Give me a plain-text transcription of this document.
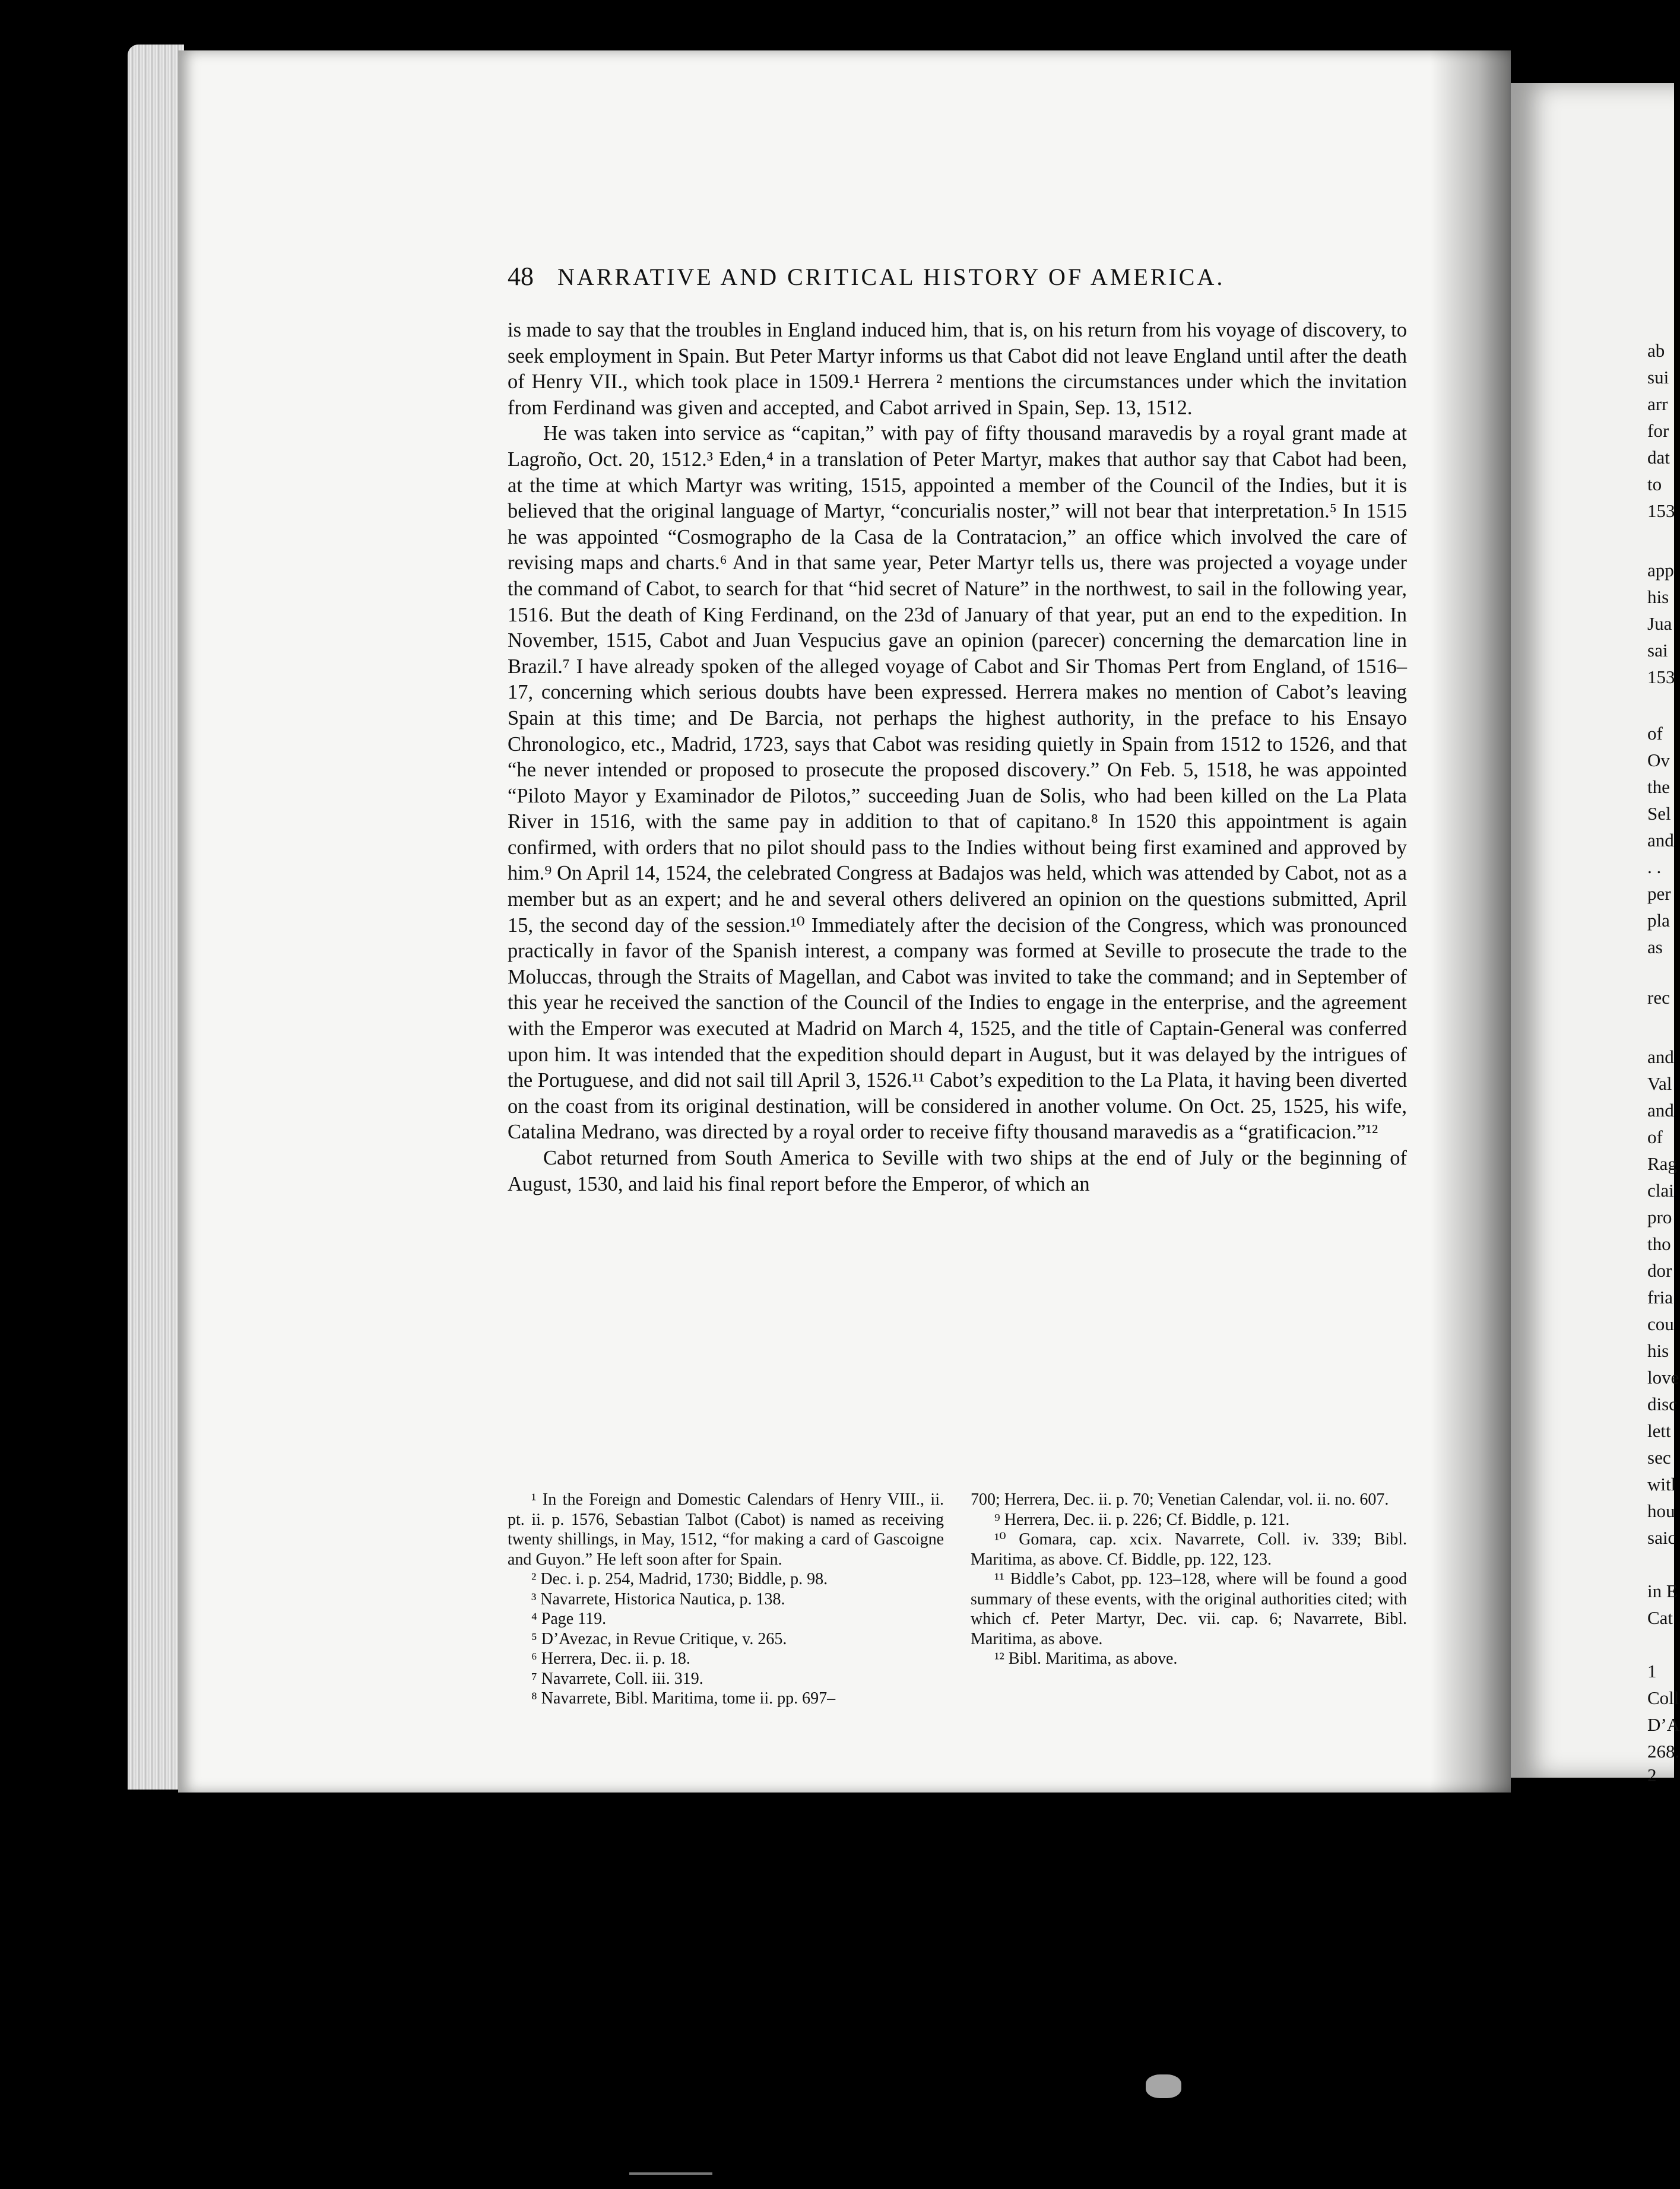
ab
sui
arr
for
dat
to
153
app
his
Jua
sai
153
of
Ov
the
Sel
and
. .
per
pla
as
rec
and
Val
and
of
Rag
clai
pro
tho
dor
fria
cou
his
love
disc
lett
sec
witl
hou
saic
in E
Cat
1
Coll
D’A
268.
2
48 NARRATIVE AND CRITICAL HISTORY OF AMERICA.

is made to say that the troubles in England induced him, that is, on his return from his voyage of discovery, to seek employment in Spain. But Peter Martyr informs us that Cabot did not leave England until after the death of Henry VII., which took place in 1509.¹ Herrera ² mentions the circumstances under which the invitation from Ferdinand was given and accepted, and Cabot arrived in Spain, Sep. 13, 1512.

He was taken into service as “capitan,” with pay of fifty thousand maravedis by a royal grant made at Lagroño, Oct. 20, 1512.³ Eden,⁴ in a translation of Peter Martyr, makes that author say that Cabot had been, at the time at which Martyr was writing, 1515, appointed a member of the Council of the Indies, but it is believed that the original language of Martyr, “concurialis noster,” will not bear that interpretation.⁵ In 1515 he was appointed “Cosmographo de la Casa de la Contratacion,” an office which involved the care of revising maps and charts.⁶ And in that same year, Peter Martyr tells us, there was projected a voyage under the command of Cabot, to search for that “hid secret of Nature” in the northwest, to sail in the following year, 1516. But the death of King Ferdinand, on the 23d of January of that year, put an end to the expedition. In November, 1515, Cabot and Juan Vespucius gave an opinion (parecer) concerning the demarcation line in Brazil.⁷ I have already spoken of the alleged voyage of Cabot and Sir Thomas Pert from England, of 1516–17, concerning which serious doubts have been expressed. Herrera makes no mention of Cabot’s leaving Spain at this time; and De Barcia, not perhaps the highest authority, in the preface to his Ensayo Chronologico, etc., Madrid, 1723, says that Cabot was residing quietly in Spain from 1512 to 1526, and that “he never intended or proposed to prosecute the proposed discovery.” On Feb. 5, 1518, he was appointed “Piloto Mayor y Examinador de Pilotos,” succeeding Juan de Solis, who had been killed on the La Plata River in 1516, with the same pay in addition to that of capitano.⁸ In 1520 this appointment is again confirmed, with orders that no pilot should pass to the Indies without being first examined and approved by him.⁹ On April 14, 1524, the celebrated Congress at Badajos was held, which was attended by Cabot, not as a member but as an expert; and he and several others delivered an opinion on the questions submitted, April 15, the second day of the session.¹⁰ Immediately after the decision of the Congress, which was pronounced practically in favor of the Spanish interest, a company was formed at Seville to prosecute the trade to the Moluccas, through the Straits of Magellan, and Cabot was invited to take the command; and in September of this year he received the sanction of the Council of the Indies to engage in the enterprise, and the agreement with the Emperor was executed at Madrid on March 4, 1525, and the title of Captain-General was conferred upon him. It was intended that the expedition should depart in August, but it was delayed by the intrigues of the Portuguese, and did not sail till April 3, 1526.¹¹ Cabot’s expedition to the La Plata, it having been diverted on the coast from its original destination, will be considered in another volume. On Oct. 25, 1525, his wife, Catalina Medrano, was directed by a royal order to receive fifty thousand maravedis as a “gratificacion.”¹²

Cabot returned from South America to Seville with two ships at the end of July or the beginning of August, 1530, and laid his final report before the Emperor, of which an

¹ In the Foreign and Domestic Calendars of Henry VIII., ii. pt. ii. p. 1576, Sebastian Talbot (Cabot) is named as receiving twenty shillings, in May, 1512, “for making a card of Gascoigne and Guyon.” He left soon after for Spain.

² Dec. i. p. 254, Madrid, 1730; Biddle, p. 98.

³ Navarrete, Historica Nautica, p. 138.

⁴ Page 119.

⁵ D’Avezac, in Revue Critique, v. 265.

⁶ Herrera, Dec. ii. p. 18.

⁷ Navarrete, Coll. iii. 319.

⁸ Navarrete, Bibl. Maritima, tome ii. pp. 697–

700; Herrera, Dec. ii. p. 70; Venetian Calendar, vol. ii. no. 607.

⁹ Herrera, Dec. ii. p. 226; Cf. Biddle, p. 121.

¹⁰ Gomara, cap. xcix. Navarrete, Coll. iv. 339; Bibl. Maritima, as above. Cf. Biddle, pp. 122, 123.

¹¹ Biddle’s Cabot, pp. 123–128, where will be found a good summary of these events, with the original authorities cited; with which cf. Peter Martyr, Dec. vii. cap. 6; Navarrete, Bibl. Maritima, as above.

¹² Bibl. Maritima, as above.
